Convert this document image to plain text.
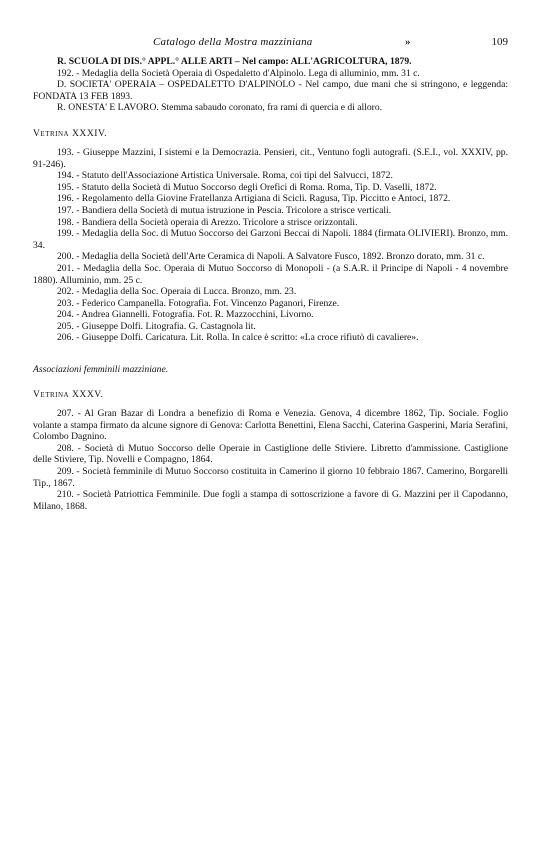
Catalogo della Mostra mazziniana	»	109

R. SCUOLA DI DIS.° APPL.° ALLE ARTI – Nel campo: ALL'AGRICOLTURA, 1879.

192. - Medaglia della Società Operaia di Ospedaletto d'Alpinolo. Lega di alluminio, mm. 31 c.

D. SOCIETA' OPERAIA – OSPEDALETTO D'ALPINOLO - Nel campo, due mani che si stringono, e leggenda: FONDATA 13 FEB 1893.

R. ONESTA' E LAVORO. Stemma sabaudo coronato, fra rami di quercia e di alloro.

Vetrina XXXIV.

193. - Giuseppe Mazzini, I sistemi e la Democrazia. Pensieri, cit., Ventuno fogli autografi. (S.E.I., vol. XXXIV, pp. 91-246).

194. - Statuto dell'Associazione Artistica Universale. Roma, coi tipi del Salvucci, 1872.

195. - Statuto della Società di Mutuo Soccorso degli Orefici di Roma. Roma, Tip. D. Vaselli, 1872.

196. - Regolamento della Giovine Fratellanza Artigiana di Scicli. Ragusa, Tip. Piccitto e Antoci, 1872.

197. - Bandiera della Società di mutua istruzione in Pescia. Tricolore a strisce verticali.

198. - Bandiera della Società operaia di Arezzo. Tricolore a strisce orizzontali.

199. - Medaglia della Soc. di Mutuo Soccorso dei Garzoni Beccai di Napoli. 1884 (firmata OLIVIERI). Bronzo, mm. 34.

200. - Medaglia della Società dell'Arte Ceramica di Napoli. A Salvatore Fusco, 1892. Bronzo dorato, mm. 31 c.

201. - Medaglia della Soc. Operaia di Mutuo Soccorso di Monopoli - (a S.A.R. il Principe di Napoli - 4 novembre 1880). Alluminio, mm. 25 c.

202. - Medaglia della Soc. Operaia di Lucca. Bronzo, mm. 23.

203. - Federico Campanella. Fotografia. Fot. Vincenzo Paganori, Firenze.

204. - Andrea Giannelli. Fotografia. Fot. R. Mazzocchini, Livorno.

205. - Giuseppe Dolfi. Litografia. G. Castagnola lit.

206. - Giuseppe Dolfi. Caricatura. Lit. Rolla. In calce è scritto: «La croce rifiutò di cavaliere».

Associazioni femminili mazziniane.
Vetrina XXXV.

207. - Al Gran Bazar di Londra a benefizio di Roma e Venezia. Genova, 4 dicembre 1862, Tip. Sociale. Foglio volante a stampa firmato da alcune signore di Genova: Carlotta Benettini, Elena Sacchi, Caterina Gasperini, Maria Serafini, Colombo Dagnino.

208. - Società di Mutuo Soccorso delle Operaie in Castiglione delle Stiviere. Libretto d'ammissione. Castiglione delle Stiviere, Tip. Novelli e Compagno, 1864.

209. - Società femminile di Mutuo Soccorso costituita in Camerino il giorno 10 febbraio 1867. Camerino, Borgarelli Tip., 1867.

210. - Società Patriottica Femminile. Due fogli a stampa di sottoscrizione a favore di G. Mazzini per il Capodanno, Milano, 1868.
